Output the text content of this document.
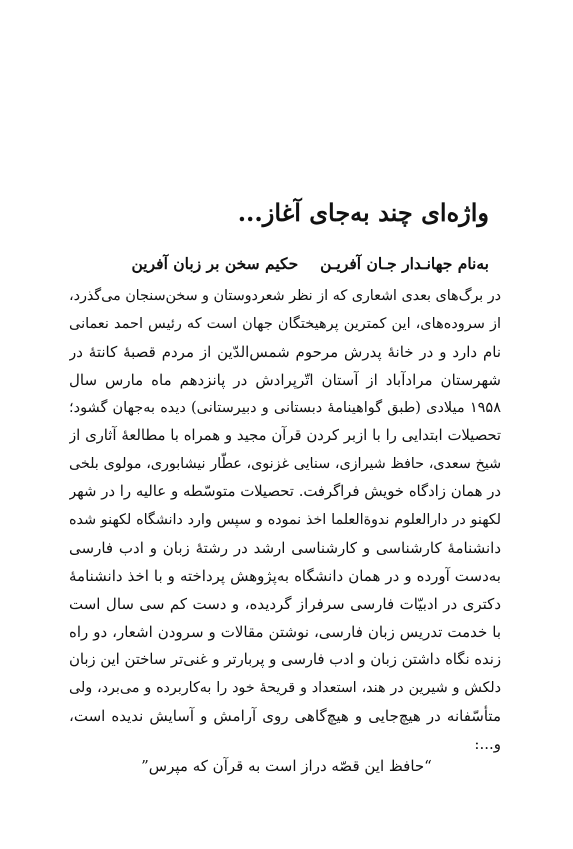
واژه‌ای چند به‌جای آغاز...
به‌نام جهانـدار جـان آفریـنحکیم سخن بر زبان آفرین
در برگ‌های بعدی اشعاری که از نظر شعردوستان و سخن‌سنجان می‌گذرد،
از سروده‌های، این کمترین پرهیختگان جهان است که رئیس احمد نعمانی
نام دارد و در خانهٔ پدرش مرحوم شمس‌الدّین از مردم قصبهٔ کانتهٔ در
شهرستان مرادآباد از آستان اتّرپرادش در پانزدهم ماه مارس سال
۱۹۵۸ میلادی (طبق گواهینامهٔ دبستانی و دبیرستانی) دیده به‌جهان گشود؛
تحصیلات ابتدایی را با ازبر کردن قرآن مجید و همراه با مطالعهٔ آثاری از
شیخ سعدی، حافظ شیرازی، سنایی غزنوی، عطّار نیشابوری، مولوی بلخی
در همان زادگاه خویش فراگرفت. تحصیلات متوسّطه و عالیه را در شهر
لکهنو در دارالعلوم ندوةالعلما اخذ نموده و سپس وارد دانشگاه لکهنو شده
دانشنامهٔ کارشناسی و کارشناسی ارشد در رشتهٔ زبان و ادب فارسی
به‌دست آورده و در همان دانشگاه به‌پژوهش پرداخته و با اخذ دانشنامهٔ
دکتری در ادبیّات فارسی سرفراز گردیده، و دست کم سی سال است
با خدمت تدریس زبان فارسی، نوشتن مقالات و سرودن اشعار، دو راه
زنده نگاه داشتن زبان و ادب فارسی و پربارتر و غنی‌تر ساختن این زبان
دلکش و شیرین در هند، استعداد و قریحهٔ خود را به‌کاربرده و می‌برد، ولی
متأسّفانه در هیچ‌جایی و هیچ‌گاهی روی آرامش و آسایش ندیده است،
و...:
“حافظ این قصّه دراز است به قرآن که مپرس”
